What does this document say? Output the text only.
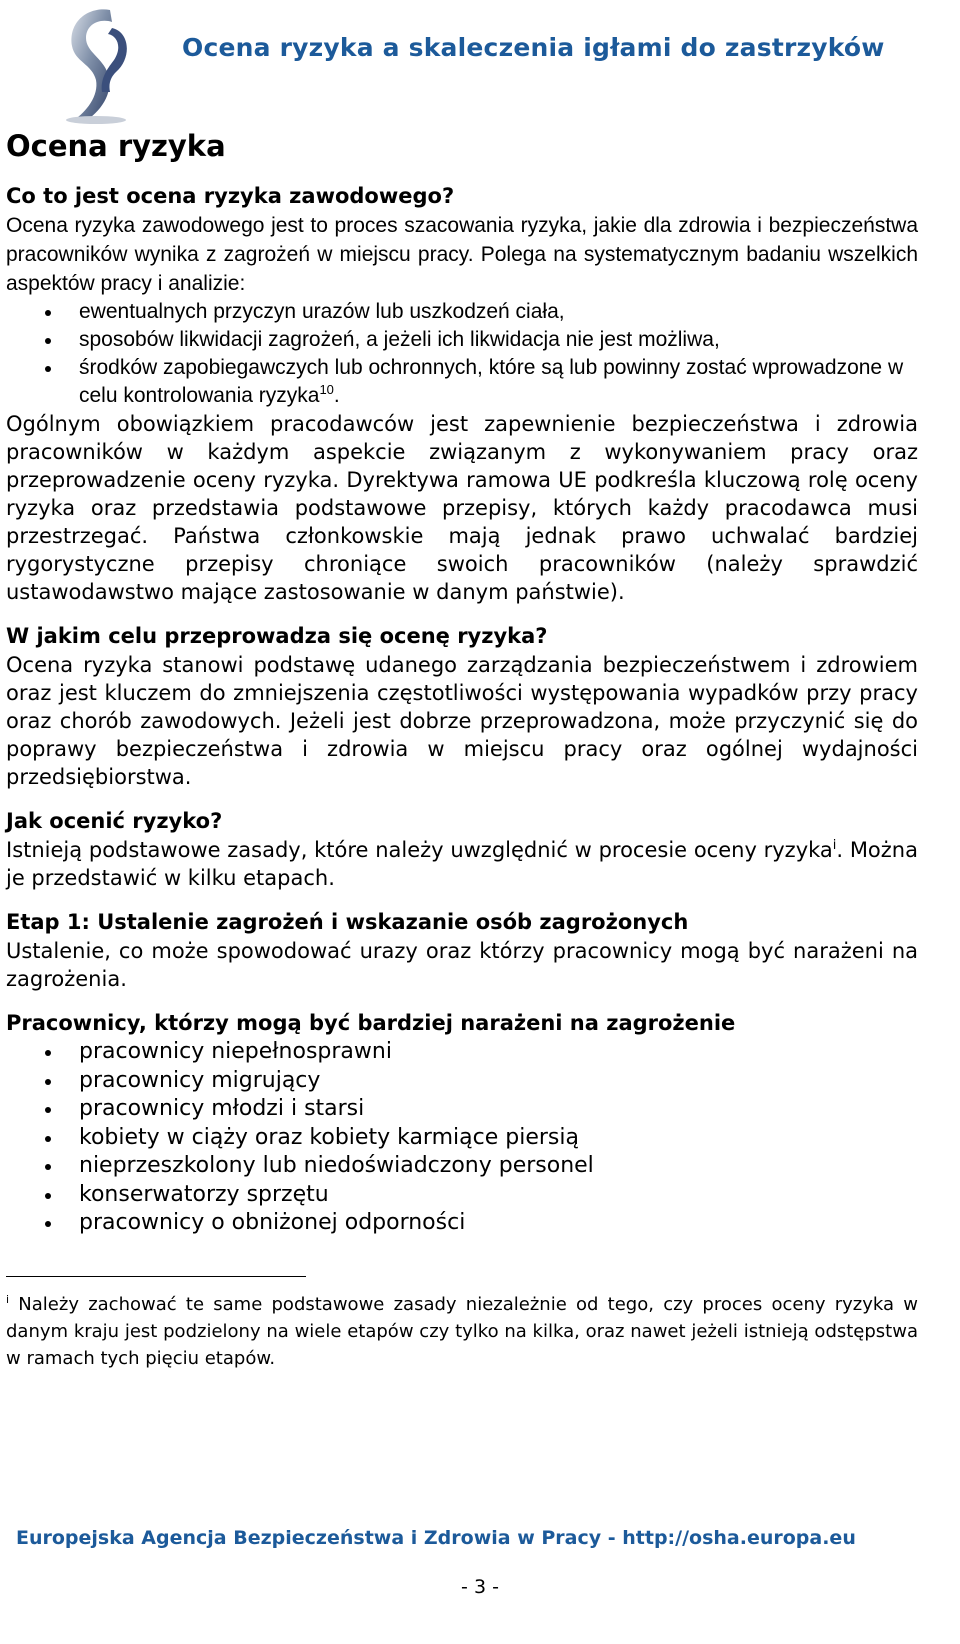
Ocena ryzyka a skaleczenia igłami do zastrzyków
Ocena ryzyka
Co to jest ocena ryzyka zawodowego?

Ocena ryzyka zawodowego jest to proces szacowania ryzyka, jakie dla zdrowia i bezpieczeństwa pracowników wynika z zagrożeń w miejscu pracy. Polega na systematycznym badaniu wszelkich aspektów pracy i analizie:

ewentualnych przyczyn urazów lub uszkodzeń ciała,
sposobów likwidacji zagrożeń, a jeżeli ich likwidacja nie jest możliwa,
środków zapobiegawczych lub ochronnych, które są lub powinny zostać wprowadzone w celu kontrolowania ryzyka$^{10}$.

Ogólnym obowiązkiem pracodawców jest zapewnienie bezpieczeństwa i zdrowia pracowników w każdym aspekcie związanym z wykonywaniem pracy oraz przeprowadzenie oceny ryzyka. Dyrektywa ramowa UE podkreśla kluczową rolę oceny ryzyka oraz przedstawia podstawowe przepisy, których każdy pracodawca musi przestrzegać. Państwa członkowskie mają jednak prawo uchwalać bardziej rygorystyczne przepisy chroniące swoich pracowników (należy sprawdzić ustawodawstwo mające zastosowanie w danym państwie).

W jakim celu przeprowadza się ocenę ryzyka?

Ocena ryzyka stanowi podstawę udanego zarządzania bezpieczeństwem i zdrowiem oraz jest kluczem do zmniejszenia częstotliwości występowania wypadków przy pracy oraz chorób zawodowych. Jeżeli jest dobrze przeprowadzona, może przyczynić się do poprawy bezpieczeństwa i zdrowia w miejscu pracy oraz ogólnej wydajności przedsiębiorstwa.

Jak ocenić ryzyko?

Istnieją podstawowe zasady, które należy uwzględnić w procesie oceny ryzyka$^i$. Można je przedstawić w kilku etapach.

Etap 1: Ustalenie zagrożeń i wskazanie osób zagrożonych

Ustalenie, co może spowodować urazy oraz którzy pracownicy mogą być narażeni na zagrożenia.

Pracownicy, którzy mogą być bardziej narażeni na zagrożenie
pracownicy niepełnosprawni
pracownicy migrujący
pracownicy młodzi i starsi
kobiety w ciąży oraz kobiety karmiące piersią
nieprzeszkolony lub niedoświadczony personel
konserwatorzy sprzętu
pracownicy o obniżonej odporności

$^i$ Należy zachować te same podstawowe zasady niezależnie od tego, czy proces oceny ryzyka w danym kraju jest podzielony na wiele etapów czy tylko na kilka, oraz nawet jeżeli istnieją odstępstwa w ramach tych pięciu etapów.

Europejska Agencja Bezpieczeństwa i Zdrowia w Pracy - http://osha.europa.eu
- 3 -
